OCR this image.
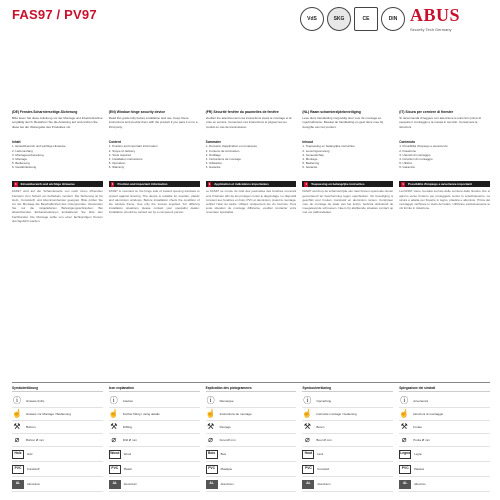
FAS97 / PV97	VdS	SKG	CE	DIN ABUS
Security Tech Germany
(DE) Fenster-Scharnierseitige-Sicherung
Bitte lesen Sie diese Anleitung vor der Montage und Inbetriebnahme sorgfältig durch. Bewahren Sie die Anleitung auf und reichen Sie diese bei der Weitergabe des Produktes mit.
Inhalt
1. Einsatzbereich und wichtige Hinweise
2. Lieferumfang
3. Montagevorbereitung
4. Montage
5. Bedienung
6. Gewährleistung
1	Einsatzbereich und wichtige Hinweise
FAS97 wird auf der Scharnierseite von nach innen öffnenden Fenstern zum Schutz vor Aufhebeln montiert. Die Sicherung ist für Holz-, Kunststoff- und Aluminiumfenster geeignet. Bitte prüfen Sie vor der Montage die Beschaffenheit des Untergrundes. Verwenden Sie nur die mitgelieferten Befestigungsschrauben. Bei abweichenden Einbausituationen kontaktieren Sie bitte den Fachhandel. Die Montage sollte von einer fachkundigen Person durchgeführt werden.
(EN) Window hinge security device
Read this guide fully before installation and use. Keep these instructions and provide them with the product if you pass it on to a third party.
Content
1. Position and important information
2. Scope of delivery
3. Tools required
4. Installation instructions
5. Operation
6. Warranty
1	Position and important information
FAS97 is mounted on the hinge side of inward opening windows to protect against levering. The device is suitable for wooden, plastic and aluminium windows. Before installation check the condition of the window frame. Use only the screws supplied. For differing installation situations please contact your specialist dealer. Installation should be carried out by a competent person.
(FR) Sécurité fenêtre du paumelles de fenêtre
Veuillez lire attentivement ces instructions avant le montage et la mise en service. Conservez ces instructions et joignez-les au produit en cas de transmission.
Sommaire
1. Domaine d'application et remarques
2. Contenu de la livraison
3. Outillage
4. Instructions de montage
5. Utilisation
6. Garantie
1	Application et indications importantes
Le FAS97 se monte du côté des paumelles des fenêtres s'ouvrant vers l'intérieur afin de les protéger contre le dégondage. Le dispositif convient aux fenêtres en bois, PVC et aluminium. Avant le montage, vérifiez l'état du cadre. Utilisez uniquement les vis fournies. Pour toute situation de montage différente, veuillez contacter votre revendeur spécialisé.
(NL) Raam scharnierzijdebeveiliging
Lees deze handleiding zorgvuldig door voor de montage en ingebruikname. Bewaar de handleiding en geef deze mee bij doorgifte van het product.
Inhoud
1. Toepassing en belangrijke instructies
2. Leveringsomvang
3. Gereedschap
4. Montage
5. Bediening
6. Garantie
1	Toepassing en belangrijke instructies
FAS97 wordt op de scharnierzijde van naar binnen openende ramen gemonteerd ter bescherming tegen openbreken. De beveiliging is geschikt voor houten, kunststof en aluminium ramen. Controleer voor de montage de staat van het kozijn. Gebruik uitsluitend de meegeleverde schroeven. Neem bij afwijkende situaties contact op met uw vakhandelaar.
(IT) Sicura per cerniere di finestre
Si raccomanda di leggere con attenzione le istruzioni prima di eseguire il montaggio e la messa in servizio. Conservare le istruzioni.
Contenuto
1. Possibilità d'impiego e avvertenze
2. Dotazione
3. Utensili di montaggio
4. Istruzioni di montaggio
5. Utilizzo
6. Garanzia
1	Possibilità d'impiego e avvertenze importanti
La FAS97 viene montata sul lato delle cerniere delle finestre che si aprono verso l'interno per proteggerle contro lo scardinamento. La sicura è adatta per finestre in legno, plastica e alluminio. Prima del montaggio verificare lo stato del telaio. Utilizzare esclusivamente le viti fornite in dotazione.
Symbolerklärung
ⓘ	Hinweis (Info)
☝ Hinweis zur Montage / Bedienung
⚒	Bohren
⌀	Bohrer Ø mm
Holz	Holz
PVC	Kunststoff
AL	Aluminium
Icon explanation
ⓘ	Caution
☝ Further fitting / using details
⚒	Drilling
⌀	Drill Ø mm
Wood	Wood
PVC	Plastic
AL	Aluminium
Explication des pictogrammes
ⓘ	Remarque
☝ Instructions de montage
⚒	Perçage
⌀	Foret Ø mm
Bois	Bois
PVC	Plastique
AL	Aluminium
Symboolverklaring
ⓘ	Opmerking
☝ Instructie montage / bediening
⚒	Boren
⌀	Boor Ø mm
Hout	Hout
PVC	Kunststof
AL	Aluminium
Spiegazione dei simboli
ⓘ	Avvertenza
☝ Istruzioni di montaggio
⚒	Forare
⌀	Punta Ø mm
Legno	Legno
PVC	Plastica
AL	Alluminio
